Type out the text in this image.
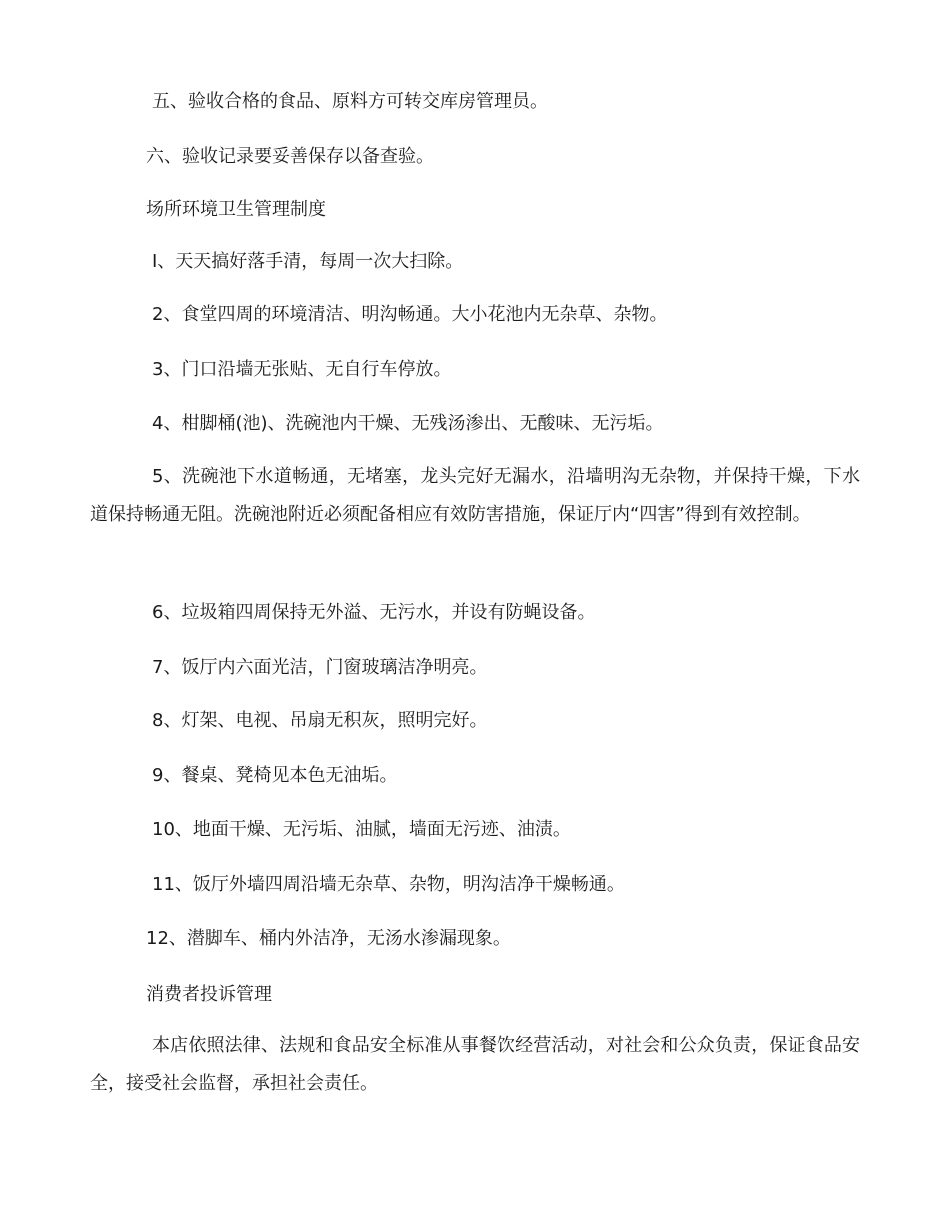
五、验收合格的食品、原料方可转交库房管理员。

六、验收记录要妥善保存以备查验。

场所环境卫生管理制度

I、天天搞好落手清，每周一次大扫除。

2、食堂四周的环境清洁、明沟畅通。大小花池内无杂草、杂物。

3、门口沿墙无张贴、无自行车停放。

4、柑脚桶(池)、洗碗池内干燥、无残汤渗出、无酸味、无污垢。

5、洗碗池下水道畅通，无堵塞，龙头完好无漏水，沿墙明沟无杂物，并保持干燥，下水道保持畅通无阻。洗碗池附近必须配备相应有效防害措施，保证厅内“四害”得到有效控制。

6、垃圾箱四周保持无外溢、无污水，并设有防蝇设备。

7、饭厅内六面光洁，门窗玻璃洁净明亮。

8、灯架、电视、吊扇无积灰，照明完好。

9、餐桌、凳椅见本色无油垢。

10、地面干燥、无污垢、油腻，墙面无污迹、油渍。

11、饭厅外墙四周沿墙无杂草、杂物，明沟洁净干燥畅通。

12、潜脚车、桶内外洁净，无汤水渗漏现象。

消费者投诉管理

本店依照法律、法规和食品安全标准从事餐饮经营活动，对社会和公众负责，保证食品安全，接受社会监督，承担社会责任。
